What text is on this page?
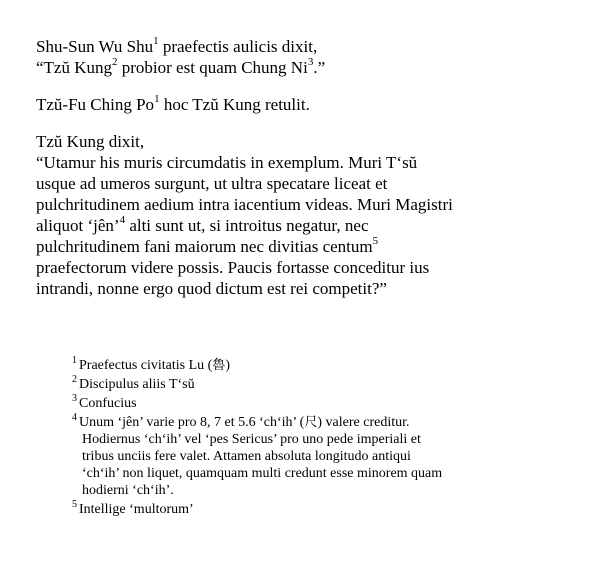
Shu-Sun Wu Shu$^1$ praefectis aulicis dixit,
“Tzŭ Kung$^2$ probior est quam Chung Ni$^3$.”
Tzŭ-Fu Ching Po$^1$ hoc Tzŭ Kung retulit.
Tzŭ Kung dixit,
“Utamur his muris circumdatis in exemplum. Muri T‘sŭ
usque ad umeros surgunt, ut ultra specatare liceat et
pulchritudinem aedium intra iacentium videas. Muri Magistri
aliquot ‘jên’$^4$ alti sunt ut, si introitus negatur, nec
pulchritudinem fani maiorum nec divitias centum$^5$
praefectorum videre possis. Paucis fortasse conceditur ius
intrandi, nonne ergo quod dictum est rei competit?”
$^1$ Praefectus civitatis Lu (魯)
$^2$ Discipulus aliis T‘sŭ
$^3$ Confucius
$^4$ Unum ‘jên’ varie pro 8, 7 et 5.6 ‘ch‘ih’ (尺) valere creditur.
Hodiernus ‘ch‘ih’ vel ‘pes Sericus’ pro uno pede imperiali et
tribus unciis fere valet. Attamen absoluta longitudo antiqui
‘ch‘ih’ non liquet, quamquam multi credunt esse minorem quam
hodierni ‘ch‘ih’.
$^5$ Intellige ‘multorum’
